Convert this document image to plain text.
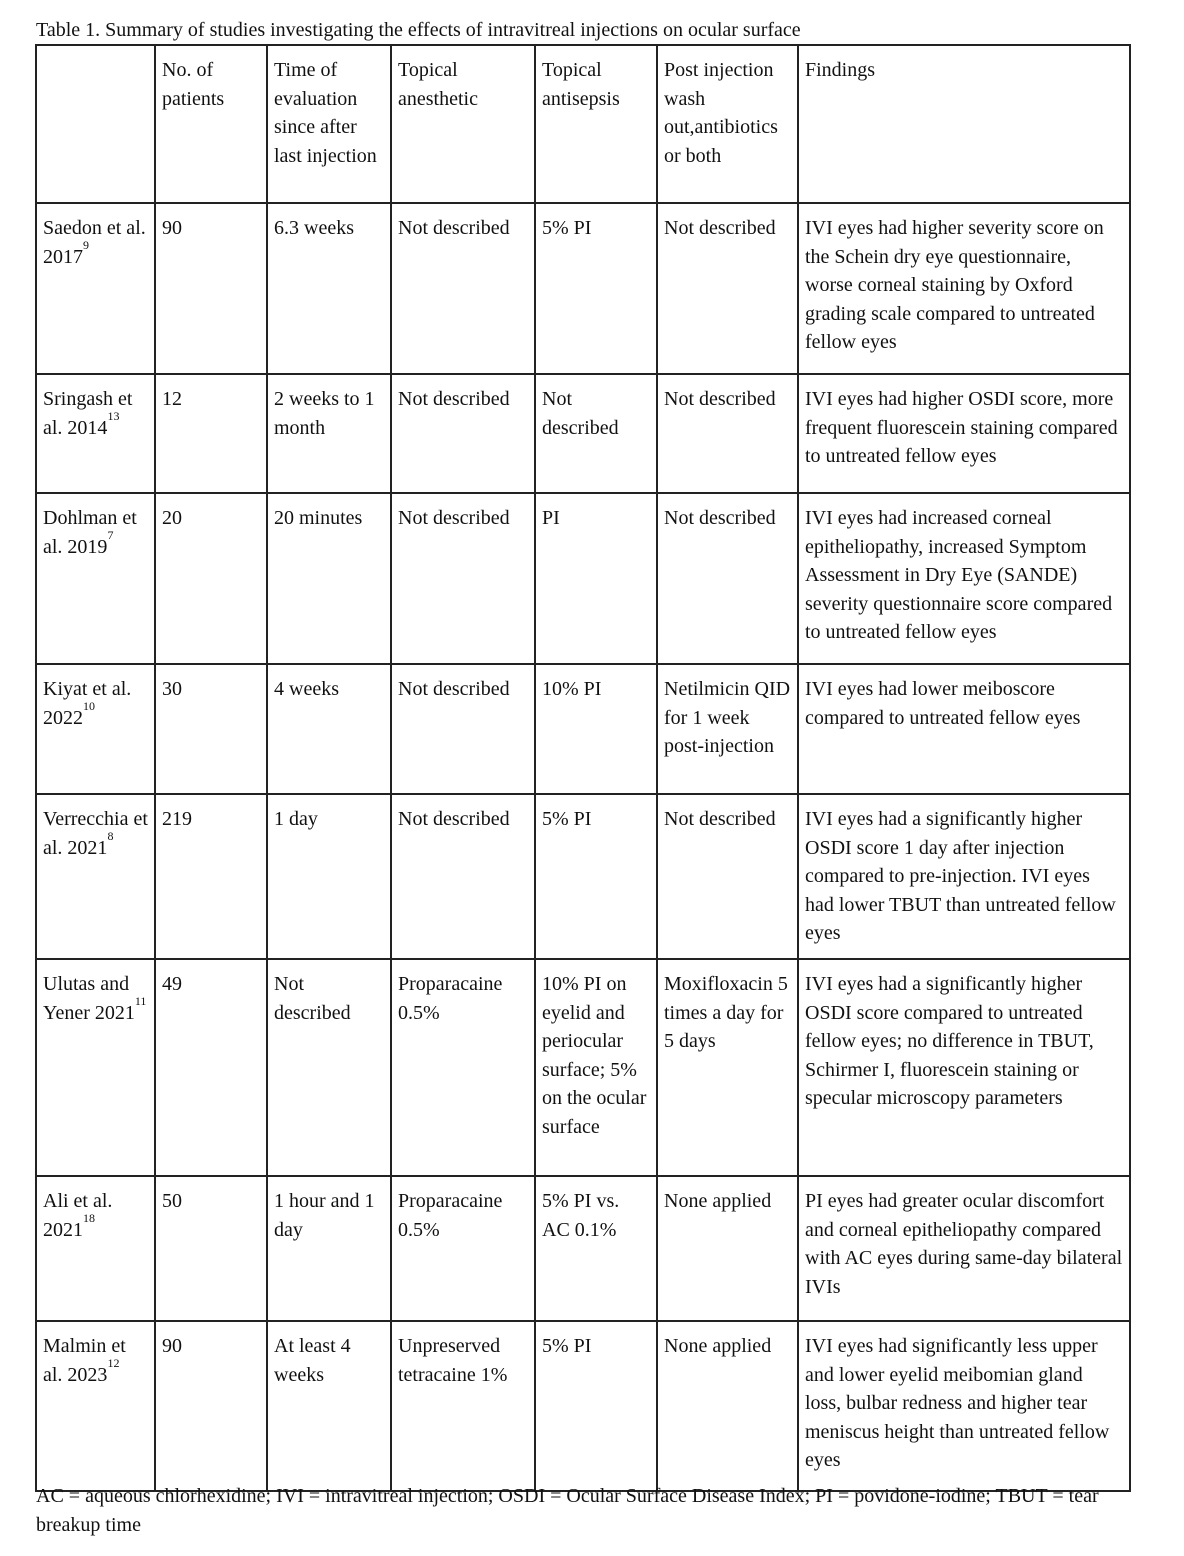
Table 1. Summary of studies investigating the effects of intravitreal injections on ocular surface
	No. of patients	Time of evaluation since after last injection	Topical anesthetic	Topical antisepsis	Post injection wash out,antibiotics or both	Findings
Saedon et al. 2017$^9$	90	6.3 weeks	Not described	5% PI	Not described	IVI eyes had higher severity score on the Schein dry eye questionnaire, worse corneal staining by Oxford grading scale compared to untreated fellow eyes
Sringash et al. 2014$^{13}$	12	2 weeks to 1 month	Not described	Not described	Not described	IVI eyes had higher OSDI score, more frequent fluorescein staining compared to untreated fellow eyes
Dohlman et al. 2019$^7$	20	20 minutes	Not described	PI	Not described	IVI eyes had increased corneal epitheliopathy, increased Symptom Assessment in Dry Eye (SANDE) severity questionnaire score compared to untreated fellow eyes
Kiyat et al. 2022$^{10}$	30	4 weeks	Not described	10% PI	Netilmicin QID for 1 week post-injection	IVI eyes had lower meiboscore compared to untreated fellow eyes
Verrecchia et al. 2021$^8$	219	1 day	Not described	5% PI	Not described	IVI eyes had a significantly higher OSDI score 1 day after injection compared to pre-injection. IVI eyes had lower TBUT than untreated fellow eyes
Ulutas and Yener 2021$^{11}$	49	Not described	Proparacaine 0.5%	10% PI on eyelid and periocular surface; 5% on the ocular surface	Moxifloxacin 5 times a day for 5 days	IVI eyes had a significantly higher OSDI score compared to untreated fellow eyes; no difference in TBUT, Schirmer I, fluorescein staining or specular microscopy parameters
Ali et al. 2021$^{18}$	50	1 hour and 1 day	Proparacaine 0.5%	5% PI vs. AC 0.1%	None applied	PI eyes had greater ocular discomfort and corneal epitheliopathy compared with AC eyes during same-day bilateral IVIs
Malmin et al. 2023$^{12}$	90	At least 4 weeks	Unpreserved tetracaine 1%	5% PI	None applied	IVI eyes had significantly less upper and lower eyelid meibomian gland loss, bulbar redness and higher tear meniscus height than untreated fellow eyes
AC = aqueous chlorhexidine; IVI = intravitreal injection; OSDI = Ocular Surface Disease Index; PI = povidone-iodine; TBUT = tear breakup time
